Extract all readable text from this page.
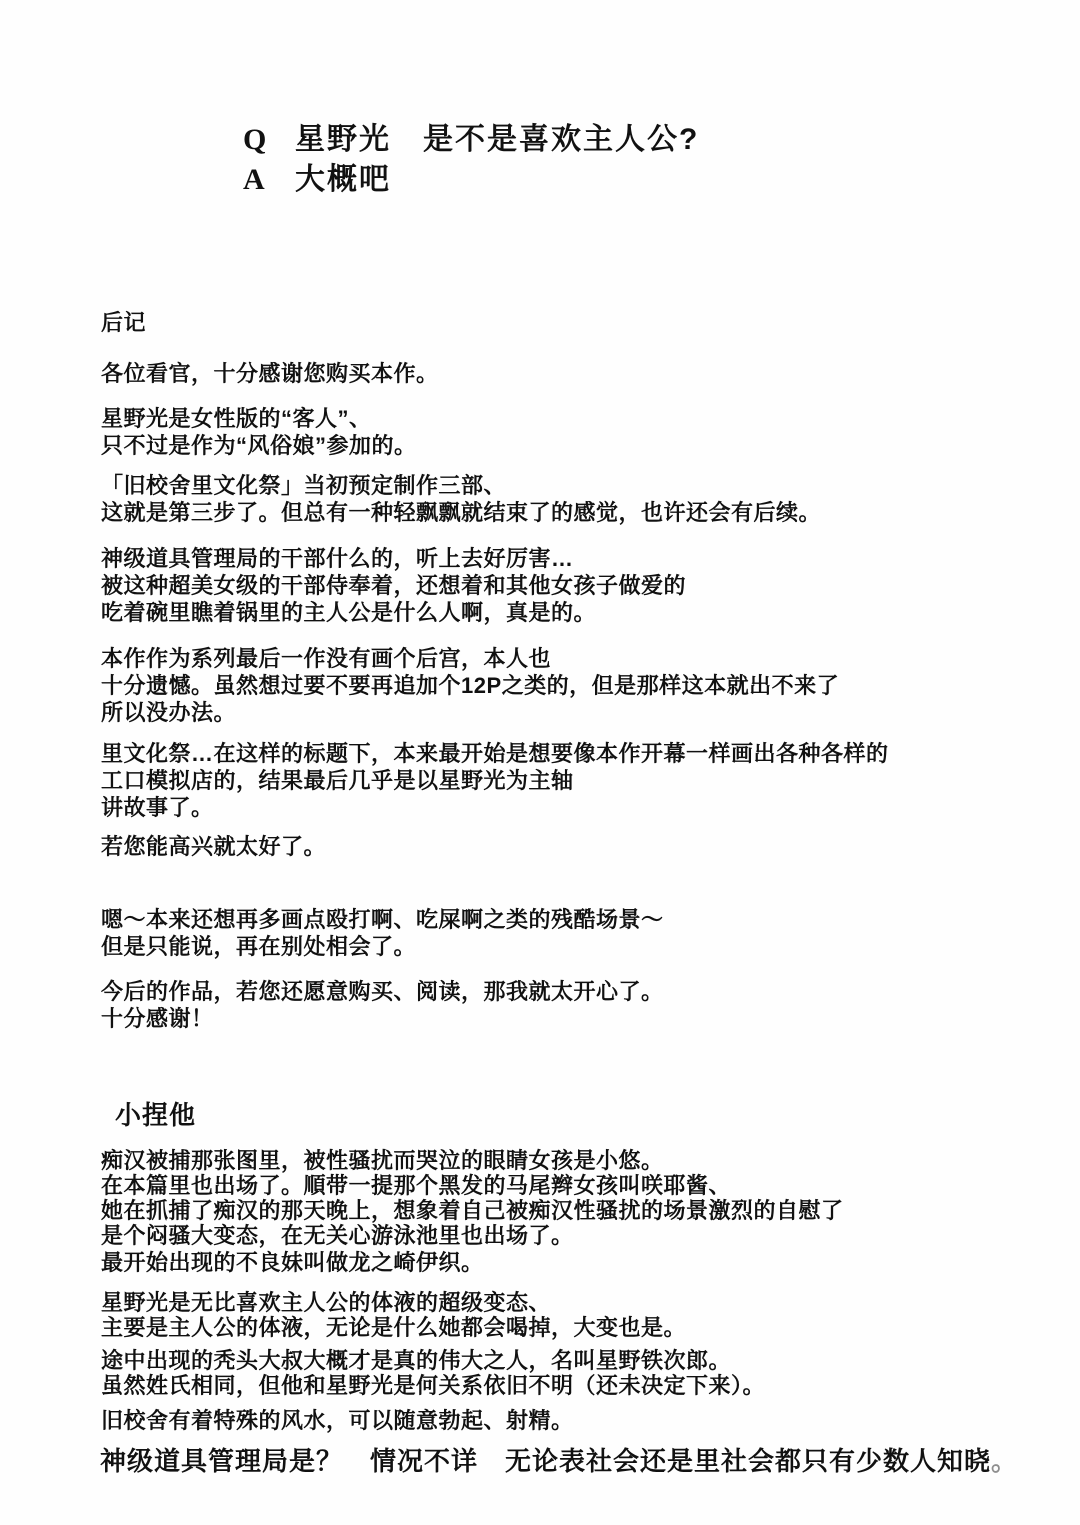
Q 星野光　是不是喜欢主人公?
A	大概吧
后记
各位看官，十分感谢您购买本作。
星野光是女性版的“客人”、
只不过是作为“风俗娘”参加的。
「旧校舍里文化祭」当初预定制作三部、
这就是第三步了。但总有一种轻飘飘就结束了的感觉，也许还会有后续。
神级道具管理局的干部什么的，听上去好厉害…
被这种超美女级的干部侍奉着，还想着和其他女孩子做爱的
吃着碗里瞧着锅里的主人公是什么人啊，真是的。
本作作为系列最后一作没有画个后宫，本人也
十分遗憾。虽然想过要不要再追加个12P之类的，但是那样这本就出不来了
所以没办法。
里文化祭…在这样的标题下，本来最开始是想要像本作开幕一样画出各种各样的
工口模拟店的，结果最后几乎是以星野光为主轴
讲故事了。
若您能高兴就太好了。
嗯～本来还想再多画点殴打啊、吃屎啊之类的残酷场景～
但是只能说，再在别处相会了。
今后的作品，若您还愿意购买、阅读，那我就太开心了。
十分感谢！
小捏他
痴汉被捕那张图里，被性骚扰而哭泣的眼睛女孩是小悠。
在本篇里也出场了。順带一提那个黑发的马尾辫女孩叫咲耶酱、
她在抓捕了痴汉的那天晚上，想象着自己被痴汉性骚扰的场景激烈的自慰了
是个闷骚大变态，在无关心游泳池里也出场了。
最开始出现的不良妹叫做龙之崎伊织。
星野光是无比喜欢主人公的体液的超级变态、
主要是主人公的体液，无论是什么她都会喝掉，大变也是。
途中出现的秃头大叔大概才是真的伟大之人，名叫星野铁次郎。
虽然姓氏相同，但他和星野光是何关系依旧不明（还未决定下来）。
旧校舍有着特殊的风水，可以随意勃起、射精。
神级道具管理局是？　情况不详　无论表社会还是里社会都只有少数人知晓。
